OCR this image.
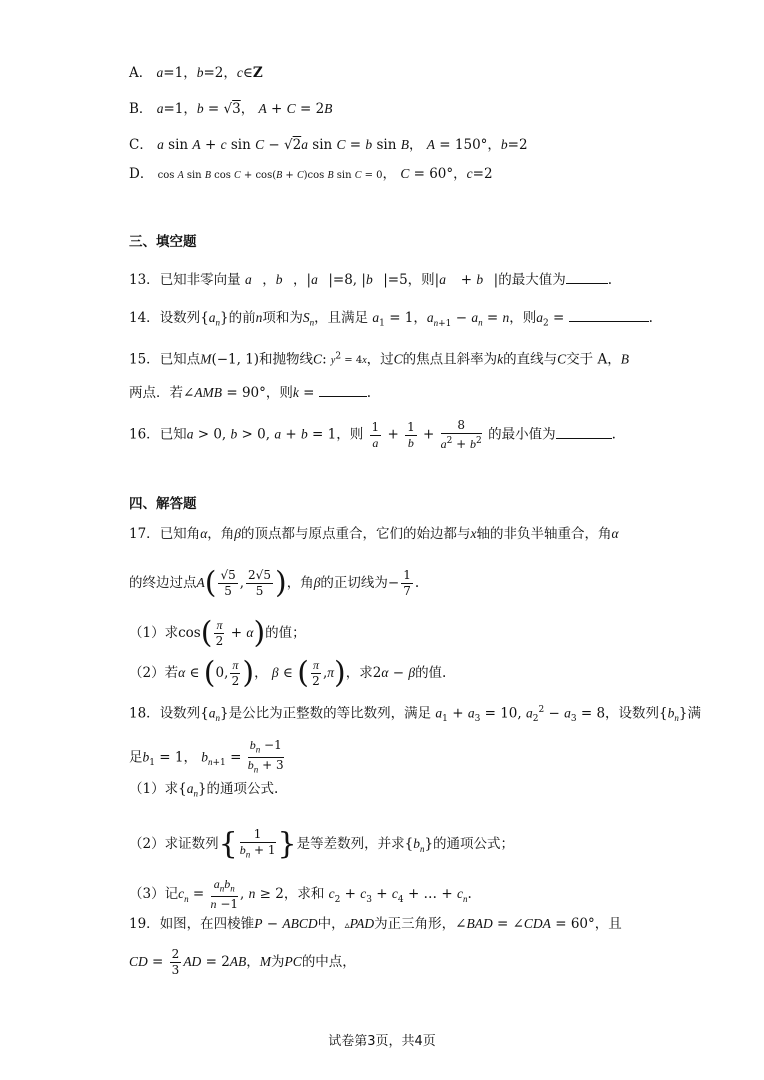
A． a=1，b=2，c∈Z
B． a=1，b = √3， A + C = 2B
C． a sin A + c sin C − √2a sin C = b sin B， A = 150°，b=2
D． cos A sin B cos C + cos(B + C)cos B sin C = 0， C = 60°，c=2
三、填空题
13．已知非零向量 a⃗，b⃗，|a⃗|=8, |b⃗|=5，则|a⃗ + b⃗|的最大值为	.
14．设数列$\{a_n\}$的前n项和为$S_n$，且满足 $a_1 = 1$，$a_{n+1} - a_n = n$，则$a_2$ =	.
15．已知点M(−1, 1)和抛物线C: $y^2 = 4x$，过C的焦点且斜率为k的直线与C交于 A，B
两点．若∠AMB = 90°，则k =	.
16．已知a > 0, b > 0, a + b = 1，则 $\frac{1}{a} + \frac{1}{b} + \frac{8}{a^2 + b^2}$ 的最小值为	.
四、解答题
17．已知角α，角β的顶点都与原点重合，它们的始边都与x轴的非负半轴重合，角α
的终边过点$A( \frac{√5}{5}$ , $\frac{2√5}{5}$ )，角β的正切线为− $\frac{1}{7}$ .
（1）求$\cos( \frac{\pi}{2} + \alpha)$的值；
（2）若α ∈ (0, $\frac{\pi}{2}$ )， β ∈ ( $\frac{\pi}{2} ,\pi$)，求2α − β的值.
18．设数列$\{a_n\}$是公比为正整数的等比数列，满足 $a_1 + a_3 = 10$, $a_2^2 - a_3 = 8$，设数列$\{b_n\}$满
足$b_1 = 1$， $b_{n+1} = \frac{b_n -1}{b_n + 3}$
（1）求$\{a_n\}$的通项公式.
（2）求证数列{ $\frac{1}{b_n + 1}$ }是等差数列，并求$\{b_n\}$的通项公式；
（3）记$c_n = \frac{a_nb_n}{n -1}$ , n ≥ 2，求和 $c_2 + c_3 + c_4$ + … + $c_n$.
19．如图，在四棱锥P − ABCD中，▵PAD为正三角形，∠BAD = ∠CDA = 60°，且
CD = $\frac{2}{3}$ AD = 2AB，M为PC的中点，
试卷第3页，共4页
